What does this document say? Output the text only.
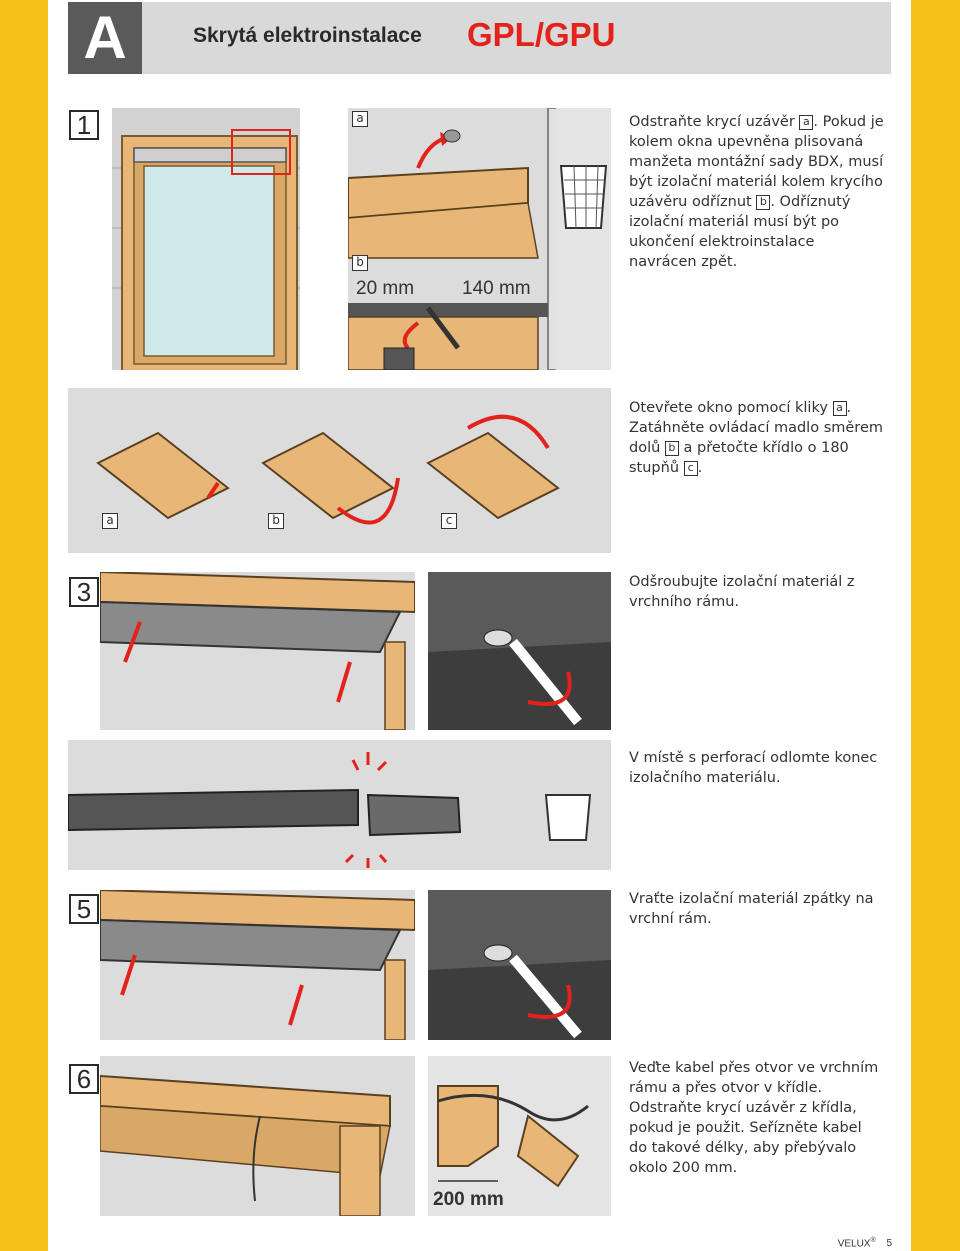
A	Skrytá elektroinstalace GPL/GPU
1	a
b
20 mm	140 mm
Odstraňte krycí uzávěr a . Pokud je kolem okna upevněna plisovaná manžeta montážní sady BDX, musí být izolační materiál kolem krycího uzávěru odříznut b . Odříznutý izolační materiál musí být po ukončení elektroinstalace navrácen zpět.
a	b	c
Otevřete okno pomocí kliky a . Zatáhněte ovládací madlo směrem dolů b a přetočte křídlo o 180 stupňů c .
3	Odšroubujte izolační materiál z vrchního rámu.
V místě s perforací odlomte konec izolačního materiálu.
5	Vraťte izolační materiál zpátky na vrchní rám.
6
200 mm
Veďte kabel přes otvor ve vrchním rámu a přes otvor v křídle. Odstraňte krycí uzávěr z křídla, pokud je použit. Seřízněte kabel do takové délky, aby přebývalo okolo 200 mm.
VELUX® 5
